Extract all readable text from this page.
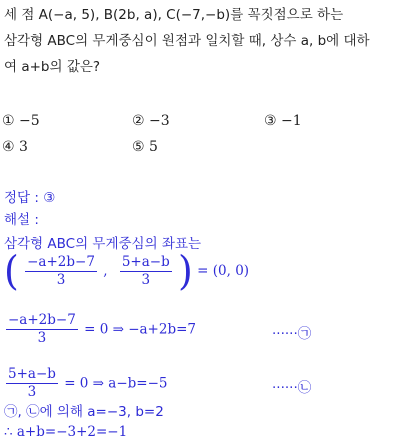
세 점 A(−a, 5), B(2b, a), C(−7,−b)를 꼭짓점으로 하는
삼각형 ABC의 무게중심이 원점과 일치할 때, 상수 a, b에 대하
여 a+b의 값은?
① −5	② −3	③ −1
④ 3	⑤ 5
정답 : ③
해설 :
삼각형 ABC의 무게중심의 좌표는
( $\frac{-a+2b-7}{3}$ , $\frac{5+a-b}{3}$ ) = (0, 0)
$\frac{-a+2b-7}{3} = 0$ ⇒ −a+2b=7	······㉠
$\frac{5+a-b}{3} = 0$ ⇒ a−b=−5	······㉡
㉠, ㉡에 의해 a=−3, b=2
∴ a+b=−3+2=−1
